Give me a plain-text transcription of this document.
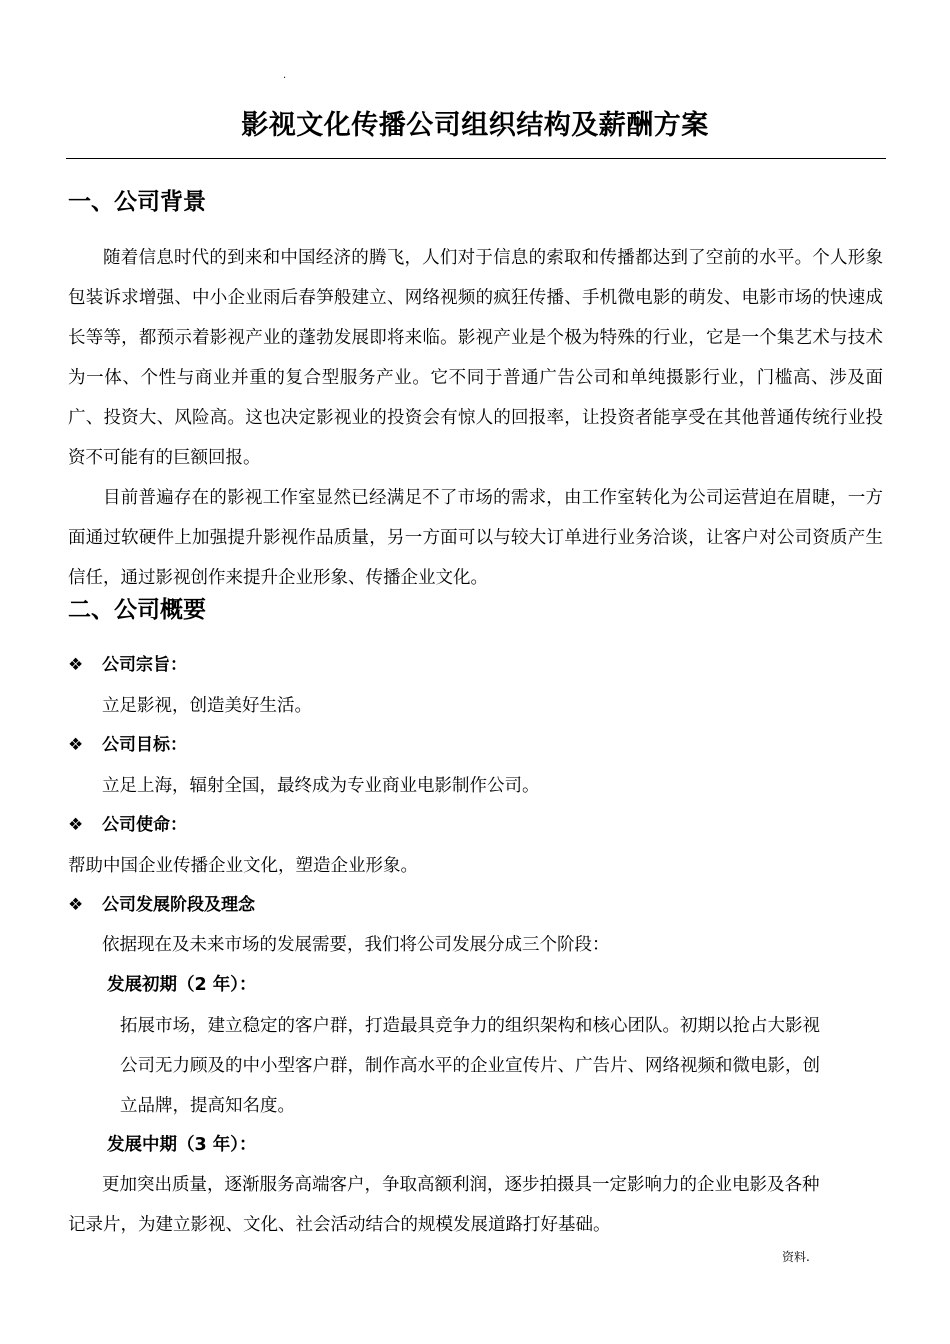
.
影视文化传播公司组织结构及薪酬方案
一、公司背景
随着信息时代的到来和中国经济的腾飞，人们对于信息的索取和传播都达到了空前的水平。个人形象包装诉求增强、中小企业雨后春笋般建立、网络视频的疯狂传播、手机微电影的萌发、电影市场的快速成长等等，都预示着影视产业的蓬勃发展即将来临。影视产业是个极为特殊的行业，它是一个集艺术与技术为一体、个性与商业并重的复合型服务产业。它不同于普通广告公司和单纯摄影行业，门槛高、涉及面广、投资大、风险高。这也决定影视业的投资会有惊人的回报率，让投资者能享受在其他普通传统行业投资不可能有的巨额回报。
目前普遍存在的影视工作室显然已经满足不了市场的需求，由工作室转化为公司运营迫在眉睫，一方面通过软硬件上加强提升影视作品质量，另一方面可以与较大订单进行业务洽谈，让客户对公司资质产生信任，通过影视创作来提升企业形象、传播企业文化。
二、公司概要
❖ 公司宗旨：
立足影视，创造美好生活。
❖ 公司目标：
立足上海，辐射全国，最终成为专业商业电影制作公司。
❖ 公司使命：
帮助中国企业传播企业文化，塑造企业形象。
❖ 公司发展阶段及理念
依据现在及未来市场的发展需要，我们将公司发展分成三个阶段：
发展初期（2 年）：
拓展市场，建立稳定的客户群，打造最具竞争力的组织架构和核心团队。初期以抢占大影视
公司无力顾及的中小型客户群，制作高水平的企业宣传片、广告片、网络视频和微电影，创
立品牌，提高知名度。
发展中期（3 年）：
更加突出质量，逐渐服务高端客户，争取高额利润，逐步拍摄具一定影响力的企业电影及各种
记录片，为建立影视、文化、社会活动结合的规模发展道路打好基础。
资料.
